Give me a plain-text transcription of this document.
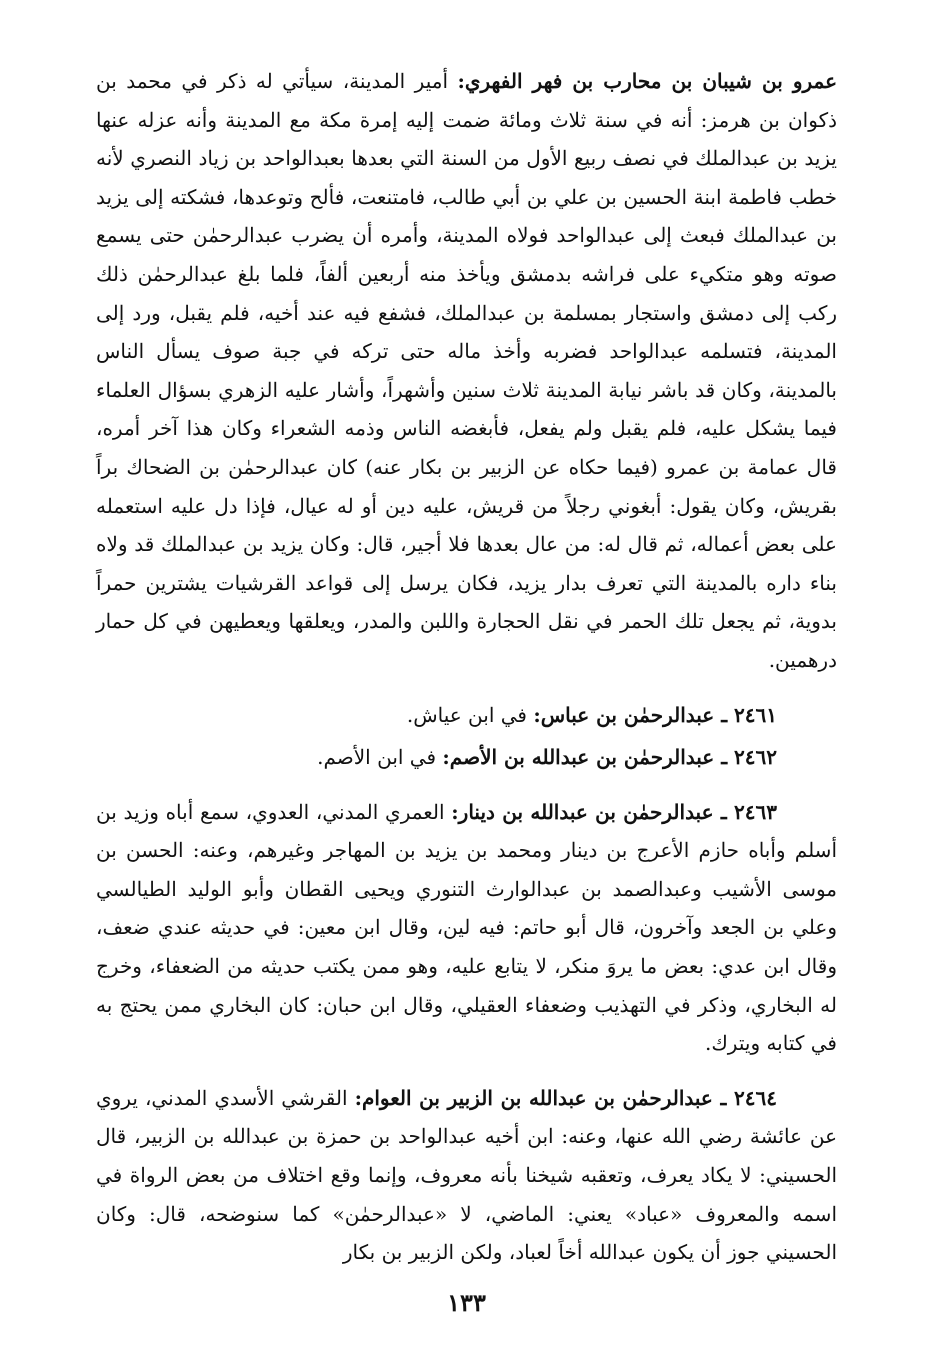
عمرو بن شيبان بن محارب بن فهر الفهري: أمير المدينة، سيأتي له ذكر في محمد بن ذكوان بن هرمز: أنه في سنة ثلاث ومائة ضمت إليه إمرة مكة مع المدينة وأنه عزله عنها يزيد بن عبدالملك في نصف ربيع الأول من السنة التي بعدها بعبدالواحد بن زياد النصري لأنه خطب فاطمة ابنة الحسين بن علي بن أبي طالب، فامتنعت، فألح وتوعدها، فشكته إلى يزيد بن عبدالملك فبعث إلى عبدالواحد فولاه المدينة، وأمره أن يضرب عبدالرحمٰن حتى يسمع صوته وهو متكيء على فراشه بدمشق ويأخذ منه أربعين ألفاً، فلما بلغ عبدالرحمٰن ذلك ركب إلى دمشق واستجار بمسلمة بن عبدالملك، فشفع فيه عند أخيه، فلم يقبل، ورد إلى المدينة، فتسلمه عبدالواحد فضربه وأخذ ماله حتى تركه في جبة صوف يسأل الناس بالمدينة، وكان قد باشر نيابة المدينة ثلاث سنين وأشهراً، وأشار عليه الزهري بسؤال العلماء فيما يشكل عليه، فلم يقبل ولم يفعل، فأبغضه الناس وذمه الشعراء وكان هذا آخر أمره، قال عمامة بن عمرو (فيما حكاه عن الزبير بن بكار عنه) كان عبدالرحمٰن بن الضحاك براً بقريش، وكان يقول: أبغوني رجلاً من قريش، عليه دين أو له عيال، فإذا دل عليه استعمله على بعض أعماله، ثم قال له: من عال بعدها فلا أجير، قال: وكان يزيد بن عبدالملك قد ولاه بناء داره بالمدينة التي تعرف بدار يزيد، فكان يرسل إلى قواعد القرشيات يشترين حمراً بدوية، ثم يجعل تلك الحمر في نقل الحجارة واللبن والمدر، ويعلقها ويعطيهن في كل حمار درهمين.

٢٤٦١ ـ عبدالرحمٰن بن عباس: في ابن عياش.

٢٤٦٢ ـ عبدالرحمٰن بن عبدالله بن الأصم: في ابن الأصم.

٢٤٦٣ ـ عبدالرحمٰن بن عبدالله بن دينار: العمري المدني، العدوي، سمع أباه وزيد بن أسلم وأباه حازم الأعرج بن دينار ومحمد بن يزيد بن المهاجر وغيرهم، وعنه: الحسن بن موسى الأشيب وعبدالصمد بن عبدالوارث التنوري ويحيى القطان وأبو الوليد الطيالسي وعلي بن الجعد وآخرون، قال أبو حاتم: فيه لين، وقال ابن معين: في حديثه عندي ضعف، وقال ابن عدي: بعض ما يروَ منكر، لا يتابع عليه، وهو ممن يكتب حديثه من الضعفاء، وخرج له البخاري، وذكر في التهذيب وضعفاء العقيلي، وقال ابن حبان: كان البخاري ممن يحتج به في كتابه ويترك.

٢٤٦٤ ـ عبدالرحمٰن بن عبدالله بن الزبير بن العوام: القرشي الأسدي المدني، يروي عن عائشة رضي الله عنها، وعنه: ابن أخيه عبدالواحد بن حمزة بن عبدالله بن الزبير، قال الحسيني: لا يكاد يعرف، وتعقبه شيخنا بأنه معروف، وإنما وقع اختلاف من بعض الرواة في اسمه والمعروف «عباد» يعني: الماضي، لا «عبدالرحمٰن» كما سنوضحه، قال: وكان الحسيني جوز أن يكون عبدالله أخاً لعباد، ولكن الزبير بن بكار

١٣٣
